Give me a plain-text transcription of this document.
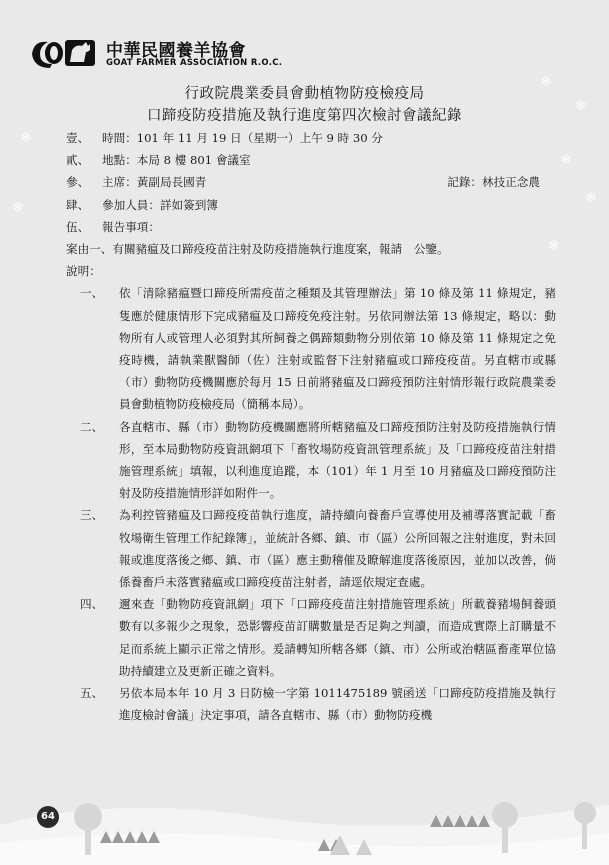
❄
❄
❄
❄
❄
❄
❄
中華民國養羊協會
GOAT FARMER ASSOCIATION R.O.C.
行政院農業委員會動植物防疫檢疫局
口蹄疫防疫措施及執行進度第四次檢討會議紀錄
壹、	時間： 101 年 11 月 19 日（星期一）上午 9 時 30 分
貳、	地點： 本局 8 樓 801 會議室
參、	主席： 黃副局長國青	記錄：林技正念農
肆、	參加人員： 詳如簽到簿
伍、	報告事項：
案由一、有關豬瘟及口蹄疫疫苗注射及防疫措施執行進度案，報請　公鑒。
說明：
一、	依「清除豬瘟暨口蹄疫所需疫苗之種類及其管理辦法」第 10 條及第 11 條規定，豬隻應於健康情形下完成豬瘟及口蹄疫免疫注射。另依同辦法第 13 條規定，略以：動物所有人或管理人必須對其所飼養之偶蹄類動物分別依第 10 條及第 11 條規定之免疫時機，請執業獸醫師（佐）注射或監督下注射豬瘟或口蹄疫疫苗。另直轄市或縣（市）動物防疫機關應於每月 15 日前將豬瘟及口蹄疫預防注射情形報行政院農業委員會動植物防疫檢疫局（簡稱本局）。
二、	各直轄市、縣（市）動物防疫機關應將所轄豬瘟及口蹄疫預防注射及防疫措施執行情形，至本局動物防疫資訊網項下「畜牧場防疫資訊管理系統」及「口蹄疫疫苗注射措施管理系統」填報，以利進度追蹤，本（101）年 1 月至 10 月豬瘟及口蹄疫預防注射及防疫措施情形詳如附件一。
三、	為利控管豬瘟及口蹄疫疫苗執行進度，請持續向養畜戶宣導使用及補導落實記載「畜牧場衛生管理工作紀錄簿」，並統計各鄉、鎮、市（區）公所回報之注射進度，對未回報或進度落後之鄉、鎮、市（區）應主動稽催及瞭解進度落後原因，並加以改善，倘係養畜戶未落實豬瘟或口蹄疫疫苗注射者，請逕依規定查處。
四、	邇來查「動物防疫資訊網」項下「口蹄疫疫苗注射措施管理系統」所載養豬場飼養頭數有以多報少之現象，恐影響疫苗訂購數量是否足夠之判讀，而造成實際上訂購量不足而系統上顯示正常之情形。爰請轉知所轄各鄉（鎮、市）公所或治轄區畜產單位協助持續建立及更新正確之資料。
五、	另依本局本年 10 月 3 日防檢一字第 1011475189 號函送「口蹄疫防疫措施及執行進度檢討會議」決定事項，請各直轄市、縣（市）動物防疫機
64
